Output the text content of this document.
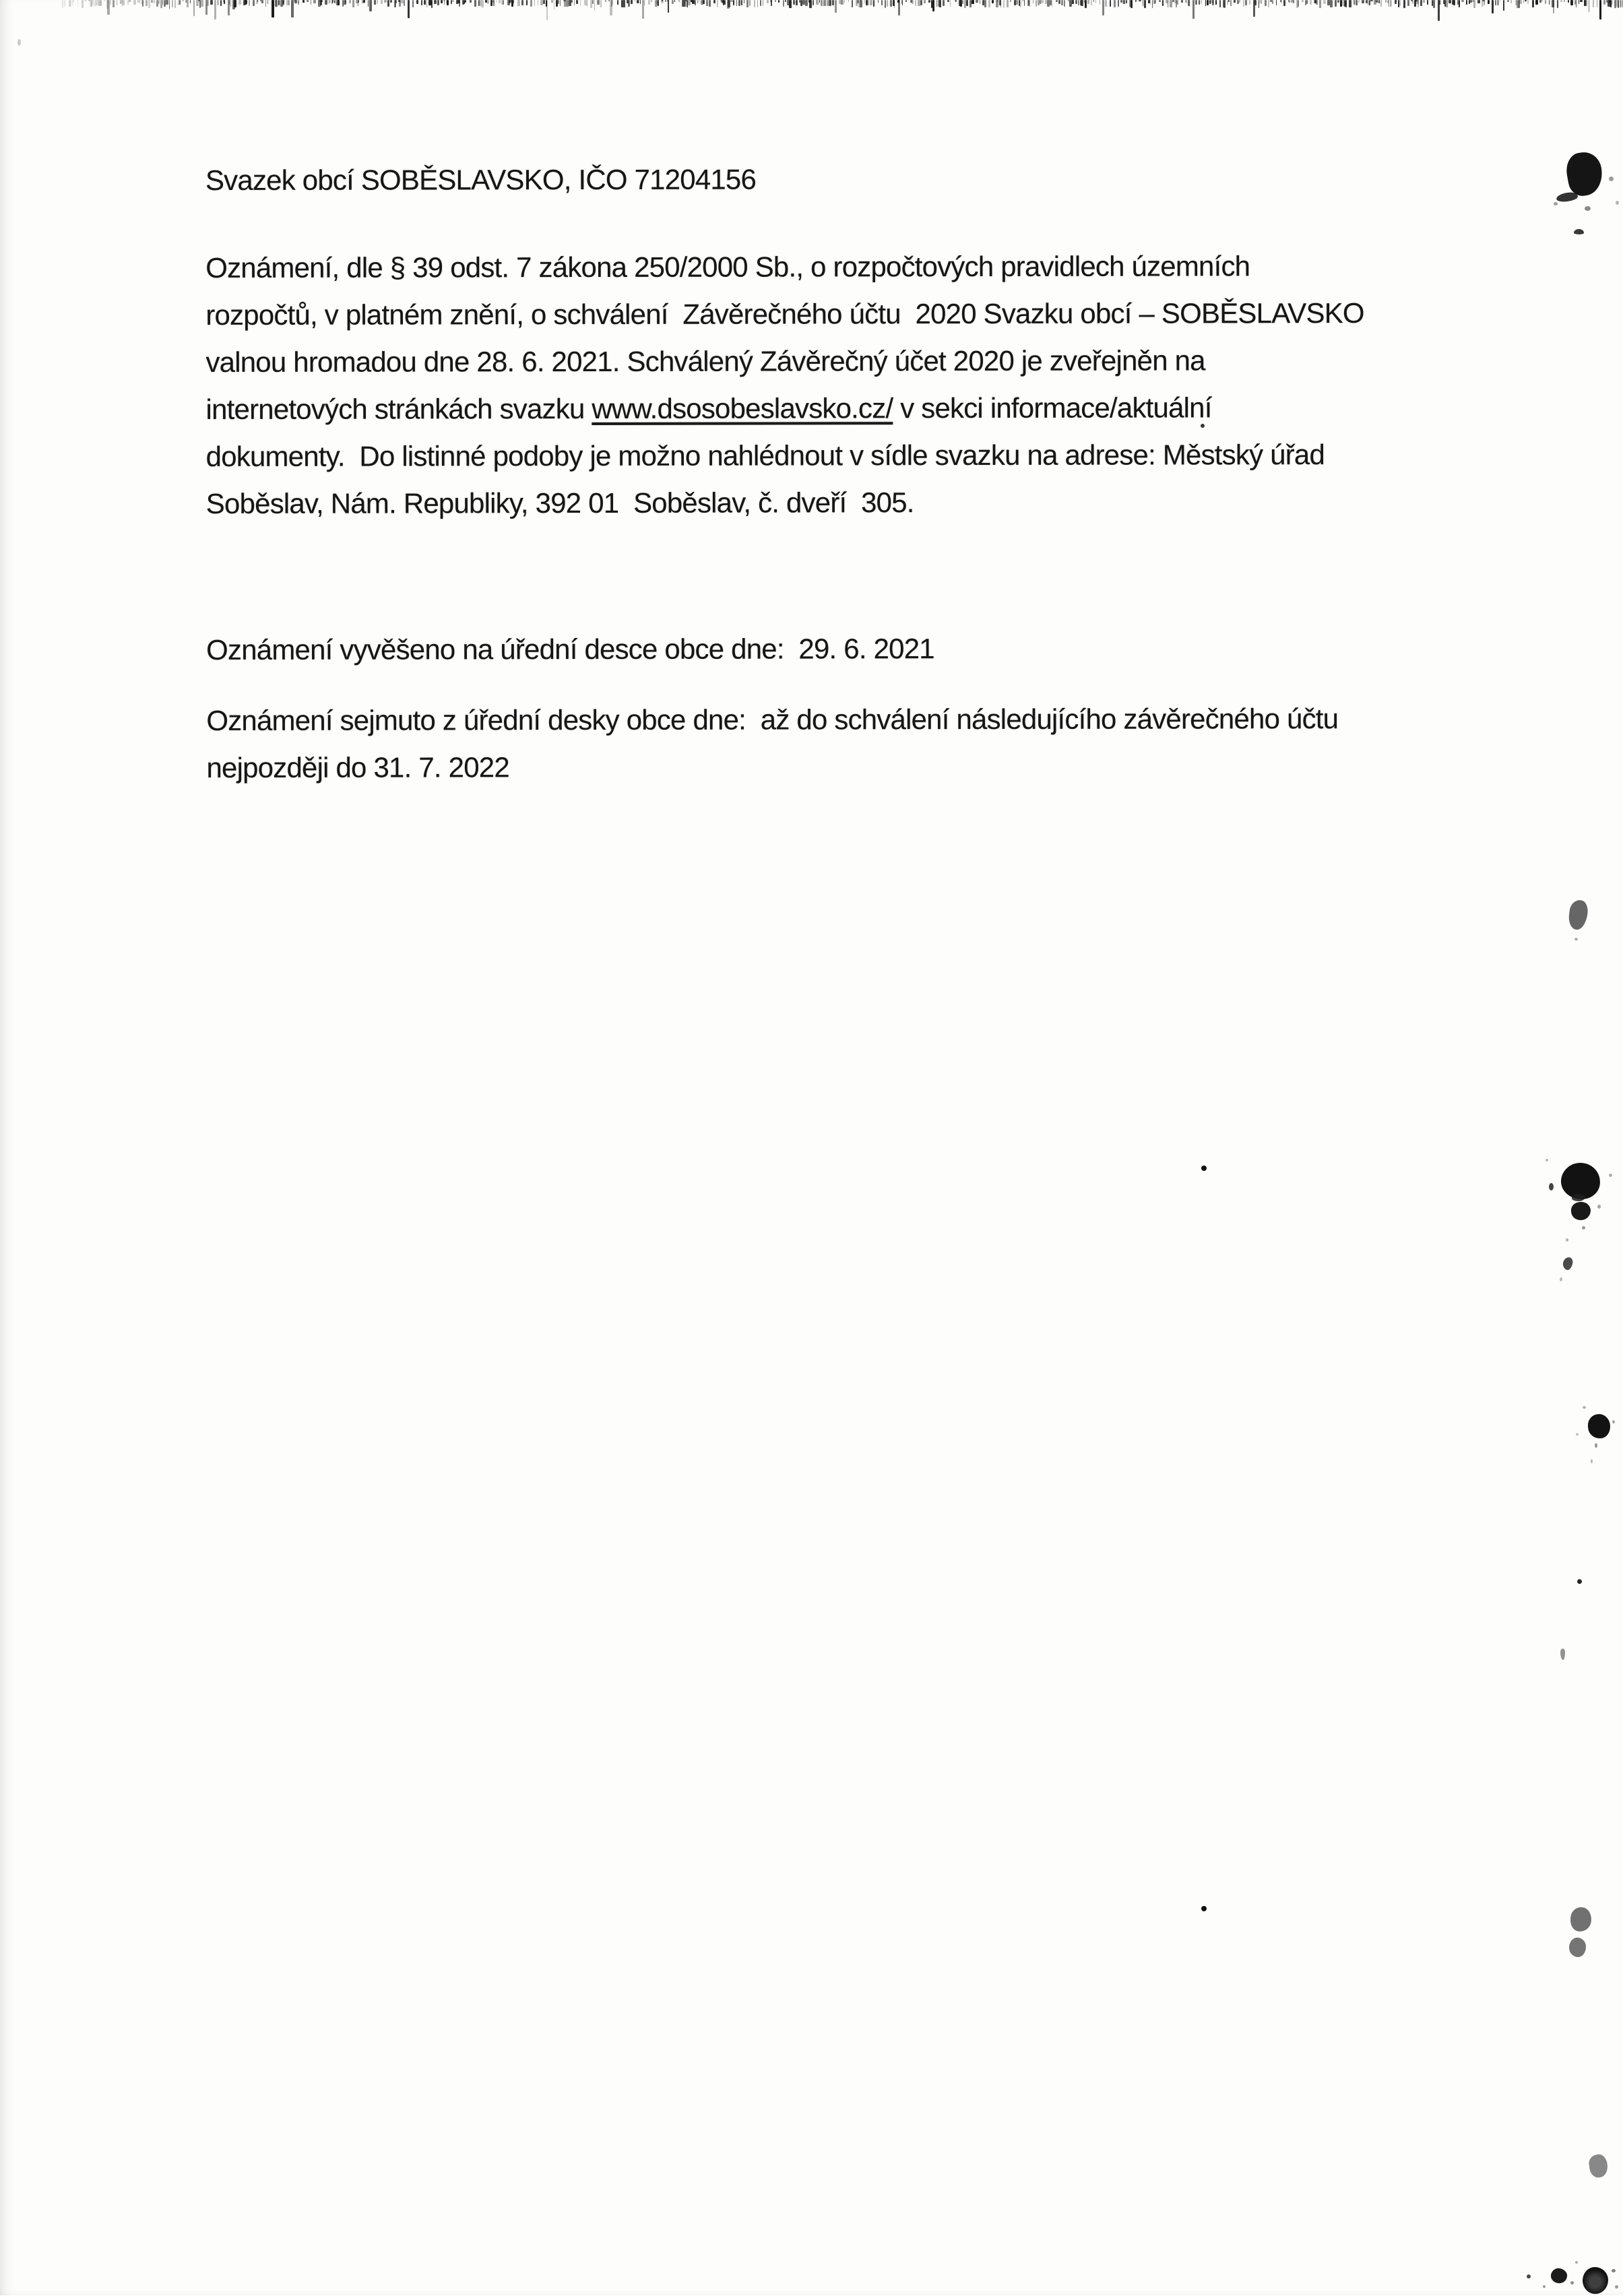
Svazek obcí SOBĚSLAVSKO, IČO 71204156

Oznámení, dle § 39 odst. 7 zákona 250/2000 Sb., o rozpočtových pravidlech územních

rozpočtů, v platném znění, o schválení  Závěrečného účtu  2020 Svazku obcí – SOBĚSLAVSKO

valnou hromadou dne 28. 6. 2021. Schválený Závěrečný účet 2020 je zveřejněn na

internetových stránkách svazku www.dsosobeslavsko.cz/ v sekci informace/aktuální

dokumenty.  Do listinné podoby je možno nahlédnout v sídle svazku na adrese: Městský úřad

Soběslav, Nám. Republiky, 392 01  Soběslav, č. dveří  305.

Oznámení vyvěšeno na úřední desce obce dne:  29. 6. 2021

Oznámení sejmuto z úřední desky obce dne:  až do schválení následujícího závěrečného účtu

nejpozději do 31. 7. 2022
